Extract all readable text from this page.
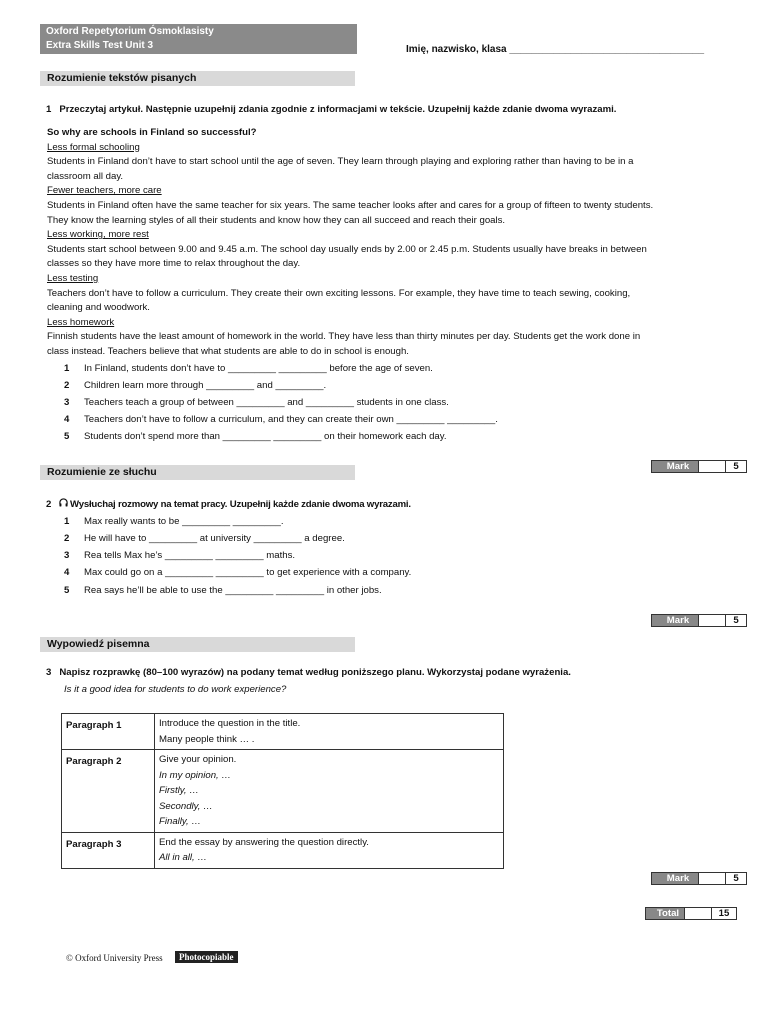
Oxford Repetytorium Ósmoklasisty
Extra Skills Test Unit 3	Imię, nazwisko, klasa ___________________________________
Rozumienie tekstów pisanych
1 Przeczytaj artykuł. Następnie uzupełnij zdania zgodnie z informacjami w tekście. Uzupełnij każde zdanie dwoma wyrazami.
So why are schools in Finland so successful?
Less formal schooling
Students in Finland don’t have to start school until the age of seven. They learn through playing and exploring rather than having to be in a
classroom all day.
Fewer teachers, more care
Students in Finland often have the same teacher for six years. The same teacher looks after and cares for a group of fifteen to twenty students.
They know the learning styles of all their students and know how they can all succeed and reach their goals.
Less working, more rest
Students start school between 9.00 and 9.45 a.m. The school day usually ends by 2.00 or 2.45 p.m. Students usually have breaks in between
classes so they have more time to relax throughout the day.
Less testing
Teachers don’t have to follow a curriculum. They create their own exciting lessons. For example, they have time to teach sewing, cooking,
cleaning and woodwork.
Less homework
Finnish students have the least amount of homework in the world. They have less than thirty minutes per day. Students get the work done in
class instead. Teachers believe that what students are able to do in school is enough.
1 In Finland, students don’t have to _________ _________ before the age of seven.
2 Children learn more through _________ and _________.
3 Teachers teach a group of between _________ and _________ students in one class.
4 Teachers don’t have to follow a curriculum, and they can create their own _________ _________.
5 Students don’t spend more than _________ _________ on their homework each day.
Rozumienie ze słuchu	Mark	5
2 Wysłuchaj rozmowy na temat pracy. Uzupełnij każde zdanie dwoma wyrazami.
1 Max really wants to be _________ _________.
2 He will have to _________ at university _________ a degree.
3 Rea tells Max he’s _________ _________ maths.
4 Max could go on a _________ _________ to get experience with a company.
5 Rea says he’ll be able to use the _________ _________ in other jobs.
Mark	5
Wypowiedź pisemna
3 Napisz rozprawkę (80–100 wyrazów) na podany temat według poniższego planu. Wykorzystaj podane wyrażenia.
Is it a good idea for students to do work experience?
Paragraph 1	Introduce the question in the title.
Many people think … .

Paragraph 2	Give your opinion.
In my opinion, …
Firstly, …
Secondly, …
Finally, …

Paragraph 3	End the essay by answering the question directly.
All in all, …
Mark	5
Total	15
© Oxford University Press	Photocopiable
